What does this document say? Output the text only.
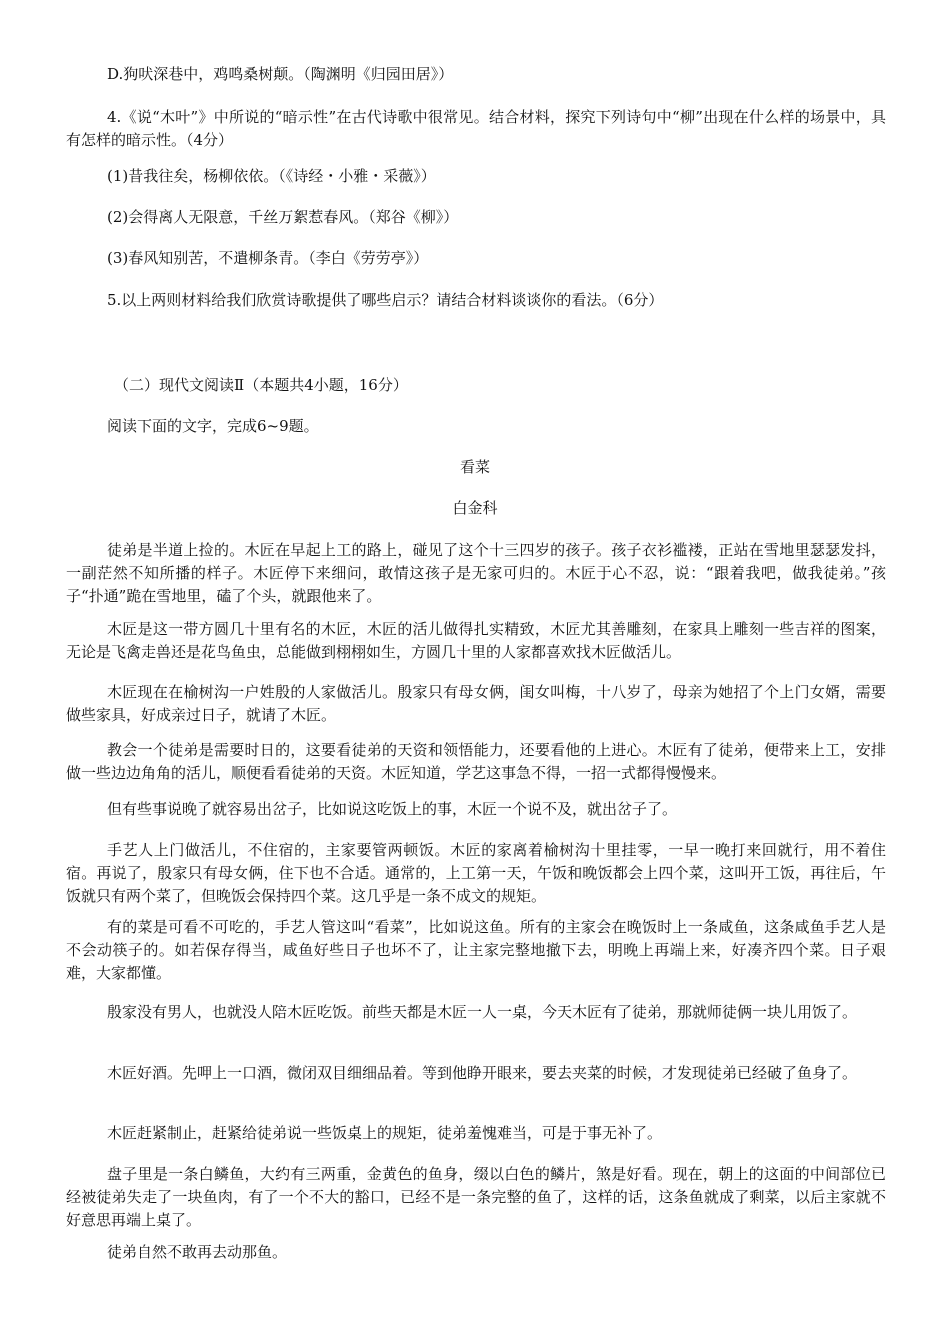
D.狗吠深巷中，鸡鸣桑树颠。（陶渊明《归园田居》）

4.《说“木叶”》中所说的“暗示性”在古代诗歌中很常见。结合材料，探究下列诗句中“柳”出现在什么样的场景中，具有怎样的暗示性。（4分）

(1)昔我往矣，杨柳依依。（《诗经・小雅・采薇》）

(2)会得离人无限意，千丝万絮惹春风。（郑谷《柳》）

(3)春风知别苦，不遣柳条青。（李白《劳劳亭》）

5.以上两则材料给我们欣赏诗歌提供了哪些启示？请结合材料谈谈你的看法。（6分）

（二）现代文阅读Ⅱ（本题共4小题，16分）

阅读下面的文字，完成6~9题。

看菜

白金科

徒弟是半道上捡的。木匠在早起上工的路上，碰见了这个十三四岁的孩子。孩子衣衫褴褛，正站在雪地里瑟瑟发抖，一副茫然不知所播的样子。木匠停下来细问，敢情这孩子是无家可归的。木匠于心不忍，说：“跟着我吧，做我徒弟。”孩子“扑通”跪在雪地里，磕了个头，就跟他来了。

木匠是这一带方圆几十里有名的木匠，木匠的活儿做得扎实精致，木匠尤其善雕刻，在家具上雕刻一些吉祥的图案，无论是飞禽走兽还是花鸟鱼虫，总能做到栩栩如生，方圆几十里的人家都喜欢找木匠做活儿。

木匠现在在榆树沟一户姓殷的人家做活儿。殷家只有母女俩，闺女叫梅，十八岁了，母亲为她招了个上门女婿，需要做些家具，好成亲过日子，就请了木匠。

教会一个徒弟是需要时日的，这要看徒弟的天资和领悟能力，还要看他的上进心。木匠有了徒弟，便带来上工，安排做一些边边角角的活儿，顺便看看徒弟的天资。木匠知道，学艺这事急不得，一招一式都得慢慢来。

但有些事说晚了就容易出岔子，比如说这吃饭上的事，木匠一个说不及，就出岔子了。

手艺人上门做活儿，不住宿的，主家要管两顿饭。木匠的家离着榆树沟十里挂零，一早一晚打来回就行，用不着住宿。再说了，殷家只有母女俩，住下也不合适。通常的，上工第一天，午饭和晚饭都会上四个菜，这叫开工饭，再往后，午饭就只有两个菜了，但晚饭会保持四个菜。这几乎是一条不成文的规矩。

有的菜是可看不可吃的，手艺人管这叫“看菜”，比如说这鱼。所有的主家会在晚饭时上一条咸鱼，这条咸鱼手艺人是不会动筷子的。如若保存得当，咸鱼好些日子也坏不了，让主家完整地撤下去，明晚上再端上来，好凑齐四个菜。日子艰难，大家都懂。

殷家没有男人，也就没人陪木匠吃饭。前些天都是木匠一人一桌，今天木匠有了徒弟，那就师徒俩一块儿用饭了。

木匠好酒。先呷上一口酒，微闭双目细细品着。等到他睁开眼来，要去夹菜的时候，才发现徒弟已经破了鱼身了。

木匠赶紧制止，赶紧给徒弟说一些饭桌上的规矩，徒弟羞愧难当，可是于事无补了。

盘子里是一条白鳞鱼，大约有三两重，金黄色的鱼身，缀以白色的鳞片，煞是好看。现在，朝上的这面的中间部位已经被徒弟失走了一块鱼肉，有了一个不大的豁口，已经不是一条完整的鱼了，这样的话，这条鱼就成了剩菜，以后主家就不好意思再端上桌了。

徒弟自然不敢再去动那鱼。
